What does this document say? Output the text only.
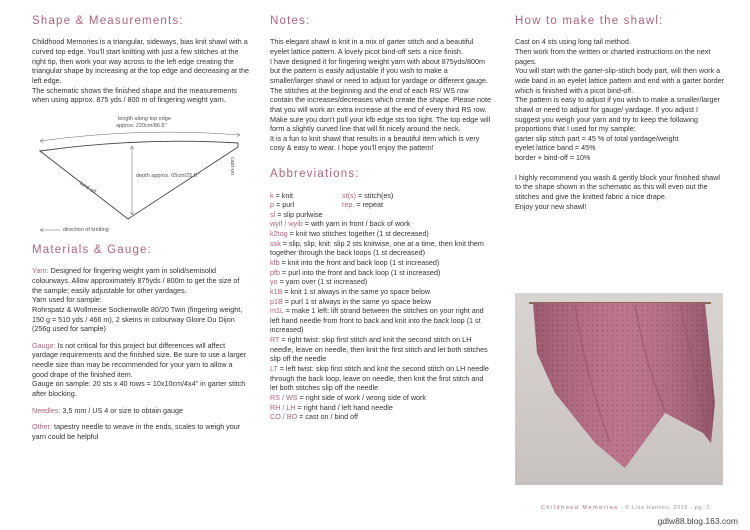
Shape & Measurements:

Childhood Memories is a triangular, sideways, bias knit shawl with a curved top edge. You'll start knitting with just a few stitches at the right tip, then work your way across to the left edge creating the triangular shape by increasing at the top edge and decreasing at the left edge.

The schematic shows the finished shape and the measurements when using approx. 875 yds / 800 m of fingering weight yarn.

length along top edge
approx. 220cm/86.6"
depth approx. 65cm/25.6"
cast-on
bind-off
direction of knitting
Materials & Gauge:

Yarn: Designed for fingering weight yarn in solid/semisolid colourways. Allow approximately 875yds / 800m to get the size of the sample; easily adjustable for other yardages.

Yarn used for sample:

Rohrspatz & Wollmeise Sockenwolle 80/20 Twin (fingering weight, 150 g = 510 yds / 466 m), 2 skeins in colourway Gloire Du Dijon (256g used for sample)

Gauge: Is not critical for this project but differences will affect yardage requirements and the finished size. Be sure to use a larger needle size than may be recommended for your yarn to allow a good drape of the finished item.

Gauge on sample: 20 sts x 40 rows = 10x10cm/4x4" in garter stitch after blocking.

Needles: 3,5 mm / US 4 or size to obtain gauge

Other: tapestry needle to weave in the ends, scales to weigh your yarn could be helpful

Notes:

This elegant shawl is knit in a mix of garter stitch and a beautiful eyelet lattice pattern. A lovely picot bind-off sets a nice finish.

I have designed it for fingering weight yarn with about 875yds/800m but the pattern is easily adjustable if you wish to make a smaller/larger shawl or need to adjust for yardage or different gauge.

The stitches at the beginning and the end of each RS/ WS row contain the increases/decreases which create the shape. Please note that you will work an extra increase at the end of every third RS row. Make sure you don't pull your kfb edge sts too tight. The top edge will form a slightly curved line that will fit nicely around the neck.

It is a fun to knit shawl that results in a beautiful item which is very cosy & easy to wear. I hope you'll enjoy the pattern!

Abbreviations:
k = knit	st(s) = stitch(es)
p = purl	rep. = repeat

sl = slip purlwise

wyif / wyib = with yarn in front / back of work

k2tog = knit two stitches together (1 st decreased)

ssk = slip, slip, knit: slip 2 sts knitwise, one at a time, then knit them together through the back loops (1 st decreased)

kfb = knit into the front and back loop (1 st increased)

pfb = purl into the front and back loop (1 st increased)

yo = yarn over (1 st increased)

k1B = knit 1 st always in the same yo space below

p1B = purl 1 st always in the same yo space below

m1L = make 1 left: lift strand between the stitches on your right and left hand needle from front to back and knit into the back loop (1 st increased)

RT = right twist: skip first stitch and knit the second stitch on LH needle, leave on needle, then knit the first stitch and let both stitches slip off the needle

LT = left twist: skip first stitch and knit the second stitch on LH needle through the back loop, leave on needle, then knit the first stitch and let both stitches slip off the needle

RS / WS = right side of work / wrong side of work

RH / LH = right hand / left hand needle

CO / BO = cast on / bind off

How to make the shawl:

Cast on 4 sts using long tail method.

Then work from the written or charted instructions on the next pages.

You will start with the garter-slip-stitch body part, will then work a wide band in an eyelet lattice pattern and end with a garter border which is finished with a picot bind-off.

The pattern is easy to adjust if you wish to make a smaller/larger shawl or need to adjust for gauge/ yardage. If you adjust I suggest you weigh your yarn and try to keep the following proportions that I used for my sample:

garter slip stitch part = 45 % of total yardage/weight

eyelet lattice band = 45%

border + bind-off = 10%

I highly recommend you wash & gently block your finished shawl to the shape shown in the schematic as this will even out the stitches and give the knitted fabric a nice drape.

Enjoy your new shawl!

Childhood Memories - © Lisa Hannes, 2016 - pg. 2
gdlw88.blog.163.com
